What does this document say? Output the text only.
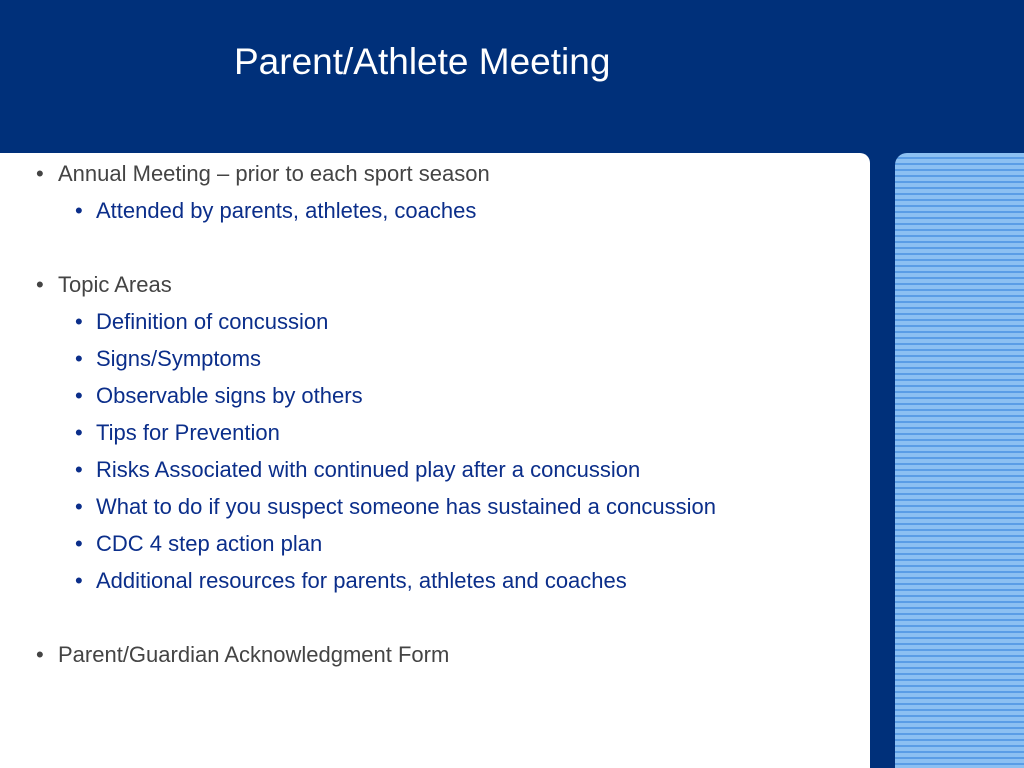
Parent/Athlete Meeting
• Annual Meeting – prior to each sport season
• Attended by parents, athletes, coaches
• Topic Areas
• Definition of concussion
• Signs/Symptoms
• Observable signs by others
• Tips for Prevention
• Risks Associated with continued play after a concussion
• What to do if you suspect someone has sustained a concussion
• CDC 4 step action plan
• Additional resources for parents, athletes and coaches
• Parent/Guardian Acknowledgment Form
